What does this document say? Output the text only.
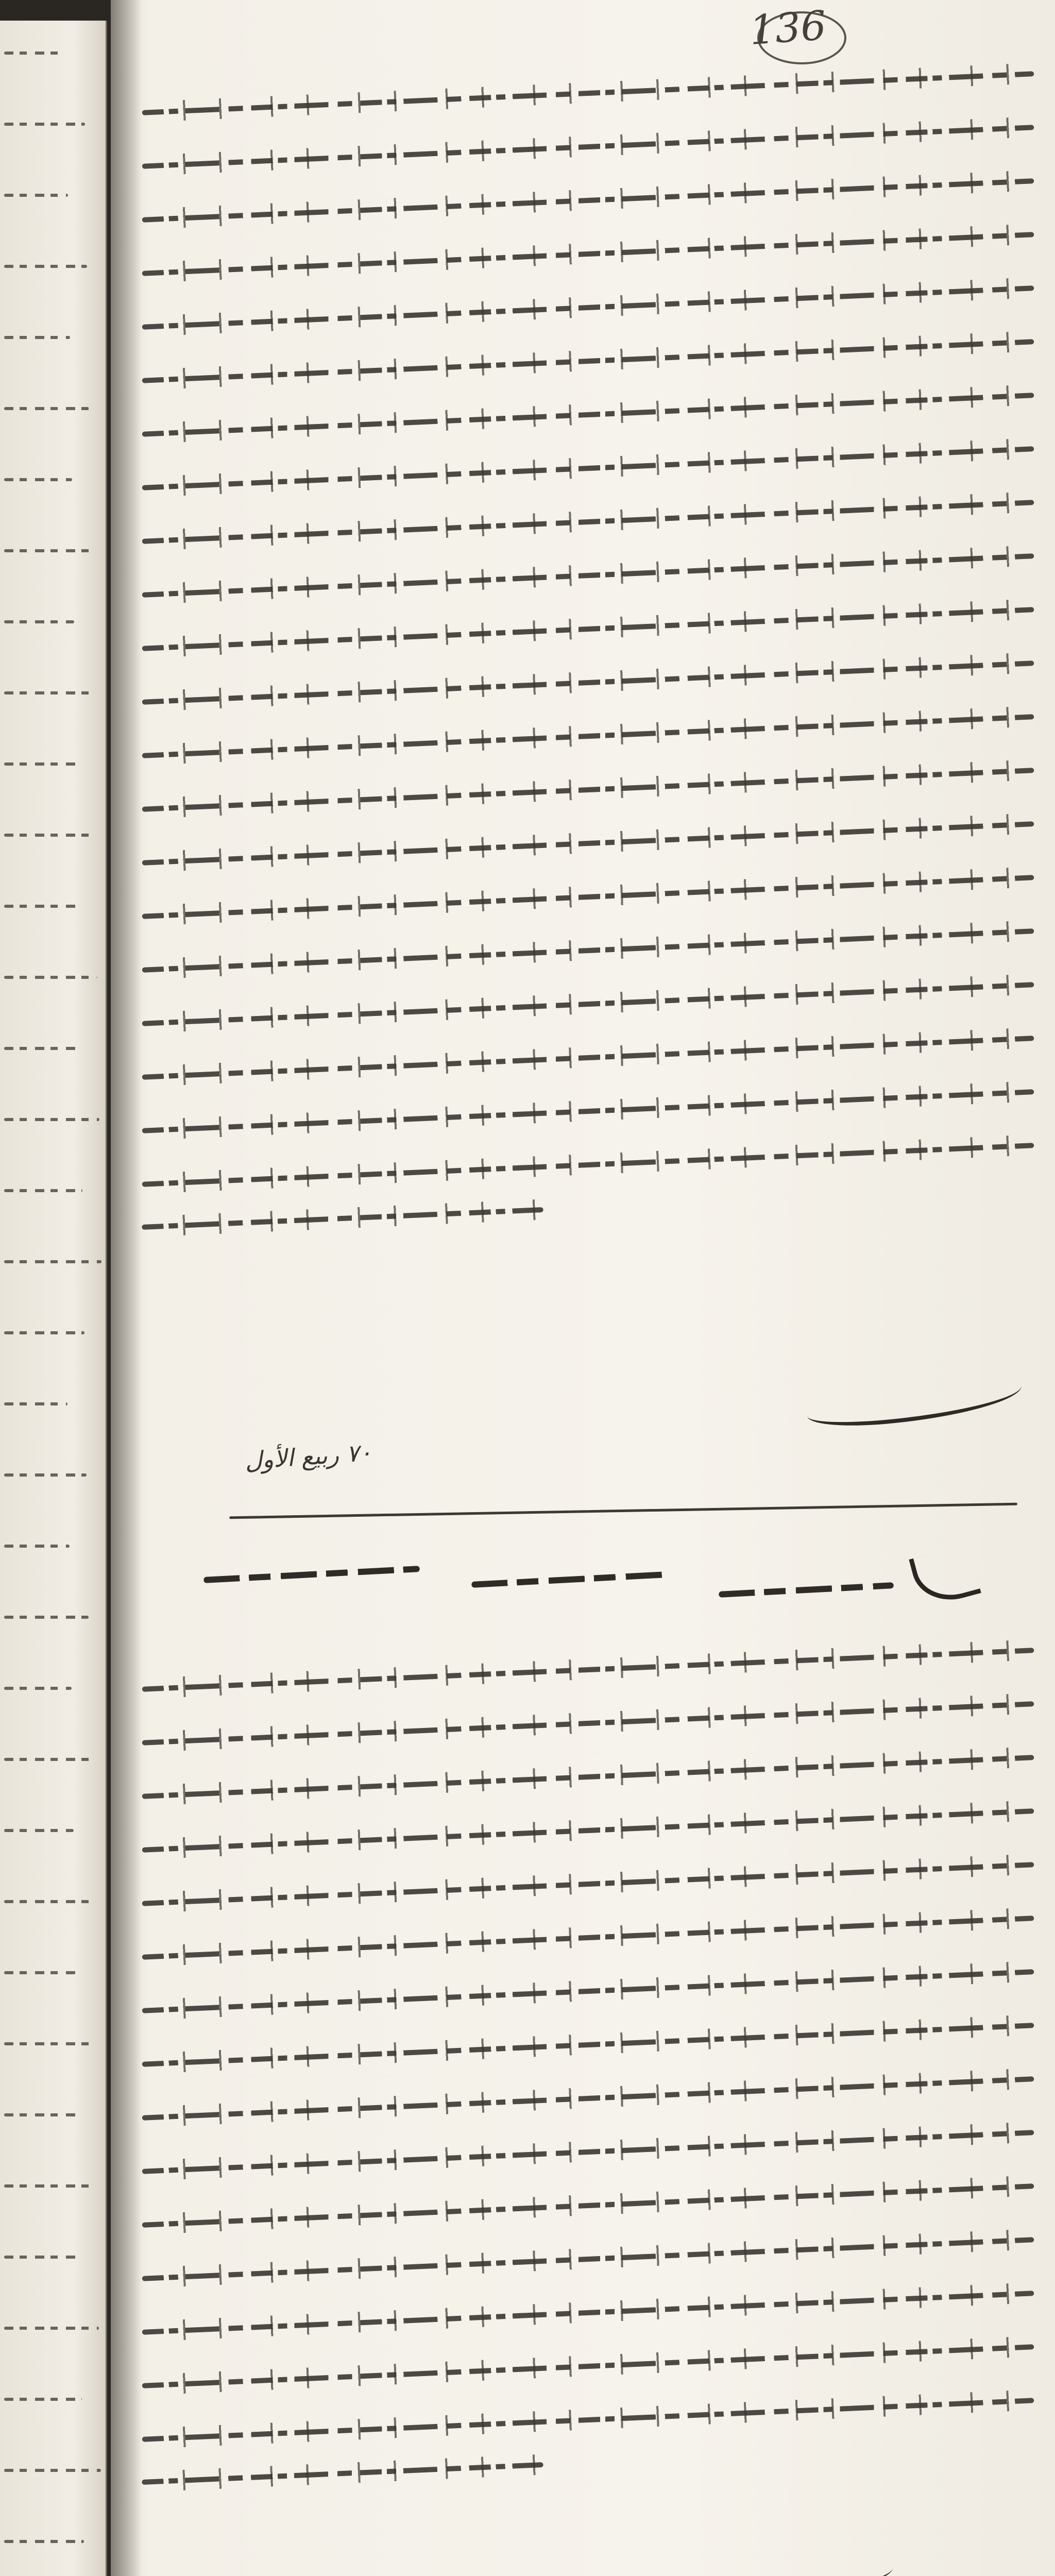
136
٧٠ ربيع الأول
